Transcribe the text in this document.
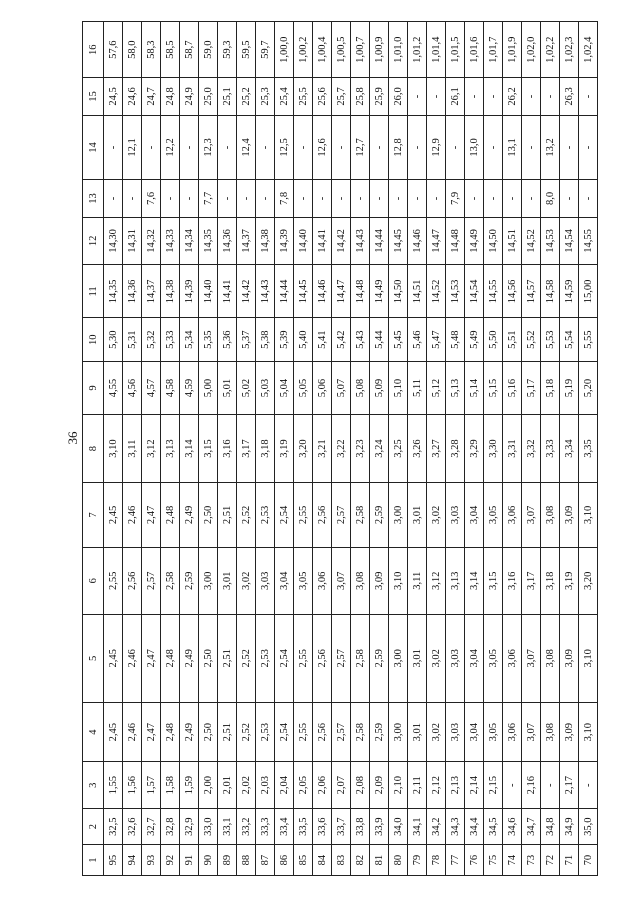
36
1	2	3	4	5	6	7	8	9	10	11	12	13	14	15	16
95	32,5	1,55	2,45	2,45	2,55	2,45	3,10	4,55	5,30	14,35	14,30	-	-	24,5	57,6
94	32,6	1,56	2,46	2,46	2,56	2,46	3,11	4,56	5,31	14,36	14,31	-	12,1	24,6	58,0
93	32,7	1,57	2,47	2,47	2,57	2,47	3,12	4,57	5,32	14,37	14,32	7,6	-	24,7	58,3
92	32,8	1,58	2,48	2,48	2,58	2,48	3,13	4,58	5,33	14,38	14,33	-	12,2	24,8	58,5
91	32,9	1,59	2,49	2,49	2,59	2,49	3,14	4,59	5,34	14,39	14,34	-	-	24,9	58,7
90	33,0	2,00	2,50	2,50	3,00	2,50	3,15	5,00	5,35	14,40	14,35	7,7	12,3	25,0	59,0
89	33,1	2,01	2,51	2,51	3,01	2,51	3,16	5,01	5,36	14,41	14,36	-	-	25,1	59,3
88	33,2	2,02	2,52	2,52	3,02	2,52	3,17	5,02	5,37	14,42	14,37	-	12,4	25,2	59,5
87	33,3	2,03	2,53	2,53	3,03	2,53	3,18	5,03	5,38	14,43	14,38	-	-	25,3	59,7
86	33,4	2,04	2,54	2,54	3,04	2,54	3,19	5,04	5,39	14,44	14,39	7,8	12,5	25,4	1,00,0
85	33,5	2,05	2,55	2,55	3,05	2,55	3,20	5,05	5,40	14,45	14,40	-	-	25,5	1,00,2
84	33,6	2,06	2,56	2,56	3,06	2,56	3,21	5,06	5,41	14,46	14,41	-	12,6	25,6	1,00,4
83	33,7	2,07	2,57	2,57	3,07	2,57	3,22	5,07	5,42	14,47	14,42	-	-	25,7	1,00,5
82	33,8	2,08	2,58	2,58	3,08	2,58	3,23	5,08	5,43	14,48	14,43	-	12,7	25,8	1,00,7
81	33,9	2,09	2,59	2,59	3,09	2,59	3,24	5,09	5,44	14,49	14,44	-	-	25,9	1,00,9
80	34,0	2,10	3,00	3,00	3,10	3,00	3,25	5,10	5,45	14,50	14,45	-	12,8	26,0	1,01,0
79	34,1	2,11	3,01	3,01	3,11	3,01	3,26	5,11	5,46	14,51	14,46	-	-	-	1,01,2
78	34,2	2,12	3,02	3,02	3,12	3,02	3,27	5,12	5,47	14,52	14,47	-	12,9	-	1,01,4
77	34,3	2,13	3,03	3,03	3,13	3,03	3,28	5,13	5,48	14,53	14,48	7,9	-	26,1	1,01,5
76	34,4	2,14	3,04	3,04	3,14	3,04	3,29	5,14	5,49	14,54	14,49	-	13,0	-	1,01,6
75	34,5	2,15	3,05	3,05	3,15	3,05	3,30	5,15	5,50	14,55	14,50	-	-	-	1,01,7
74	34,6	-	3,06	3,06	3,16	3,06	3,31	5,16	5,51	14,56	14,51	-	13,1	26,2	1,01,9
73	34,7	2,16	3,07	3,07	3,17	3,07	3,32	5,17	5,52	14,57	14,52	-	-	-	1,02,0
72	34,8	-	3,08	3,08	3,18	3,08	3,33	5,18	5,53	14,58	14,53	8,0	13,2	-	1,02,2
71	34,9	2,17	3,09	3,09	3,19	3,09	3,34	5,19	5,54	14,59	14,54	-	-	26,3	1,02,3
70	35,0	-	3,10	3,10	3,20	3,10	3,35	5,20	5,55	15,00	14,55	-	-	-	1,02,4
